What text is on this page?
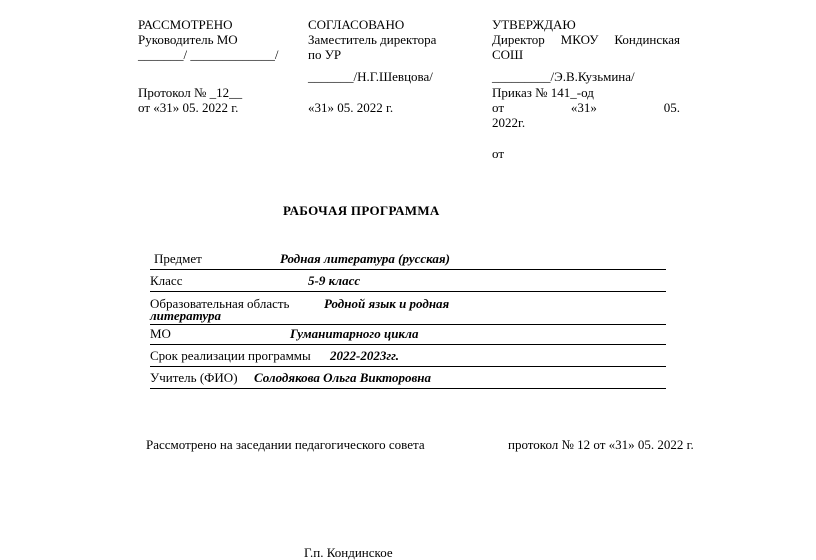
РАССМОТРЕНО
Руководитель МО
_______/ _____________/
Протокол № _12__
от «31» 05. 2022 г.
СОГЛАСОВАНО
Заместитель директора
по УР
_______/Н.Г.Шевцова/
«31» 05. 2022 г.
УТВЕРЖДАЮ
Директор МКОУ Кондинская
СОШ
_________/Э.В.Кузьмина/
Приказ № 141_-од
от	«31»	05.
2022г.
от
РАБОЧАЯ ПРОГРАММА
Предмет	Родная литература (русская)
Класс	5-9 класс
Образовательная область	Родной язык и родная
литература
МО	Гуманитарного цикла
Срок реализации программы 2022-2023гг.
Учитель (ФИО) Солодякова Ольга Викторовна
Рассмотрено на заседании педагогического совета	протокол № 12 от «31» 05. 2022 г.
Г.п. Кондинское
